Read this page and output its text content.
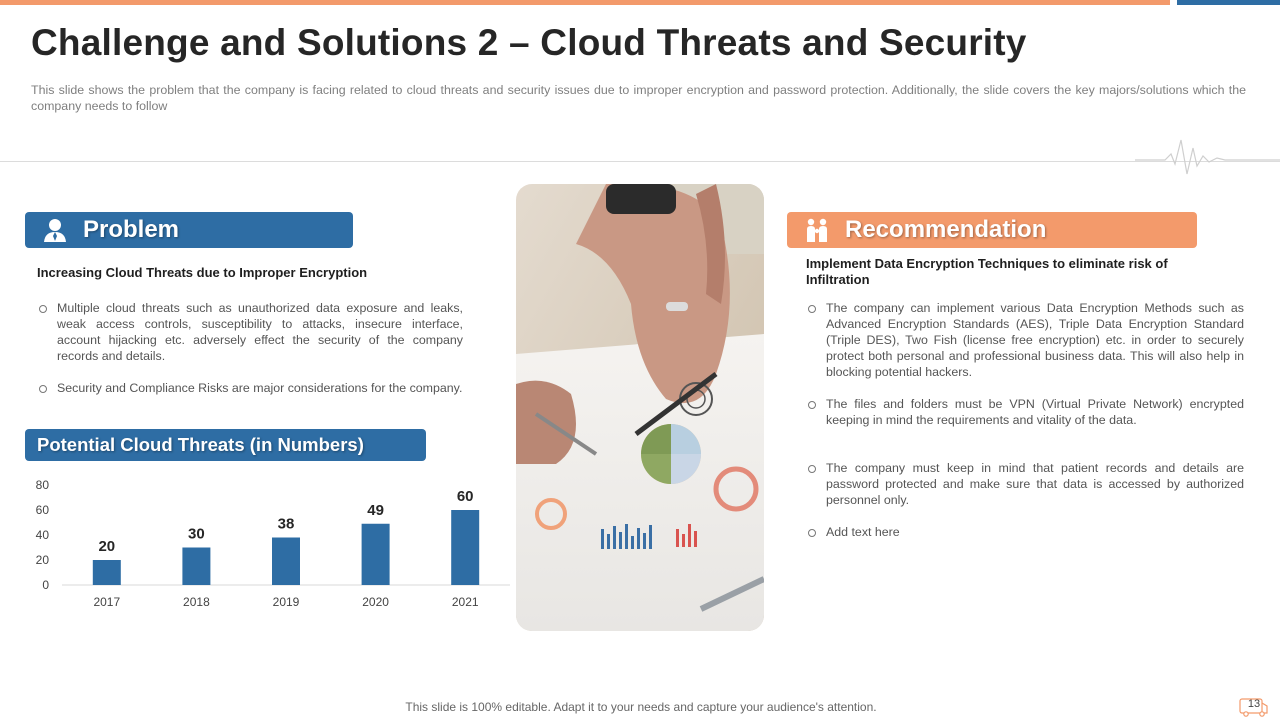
Challenge and Solutions 2 – Cloud Threats and Security

This slide shows the problem that the company is facing related to cloud threats and security issues due to improper encryption and password protection. Additionally, the slide covers the key majors/solutions which the company needs to follow

Problem
Increasing Cloud Threats due to Improper Encryption
Multiple cloud threats such as unauthorized data exposure and leaks, weak access controls, susceptibility to attacks, insecure interface, account hijacking etc. adversely effect the security of the company records and details.
Security and Compliance Risks are major considerations for the company.
Potential Cloud Threats (in Numbers)
0
20
40
60
80
20
2017
30
2018
38
2019
49
2020
60
2021
Recommendation
Implement Data Encryption Techniques to eliminate risk of Infiltration
The company can implement various Data Encryption Methods such as Advanced Encryption Standards (AES), Triple Data Encryption Standard (Triple DES), Two Fish (license free encryption) etc. in order to securely protect both personal and professional business data. This will also help in blocking potential hackers.
The files and folders must be VPN (Virtual Private Network) encrypted keeping in mind the requirements and vitality of the data.
The company must keep in mind that patient records and details are password protected and make sure that data is accessed by authorized personnel only.
Add text here
This slide is 100% editable. Adapt it to your needs and capture your audience's attention.	13
